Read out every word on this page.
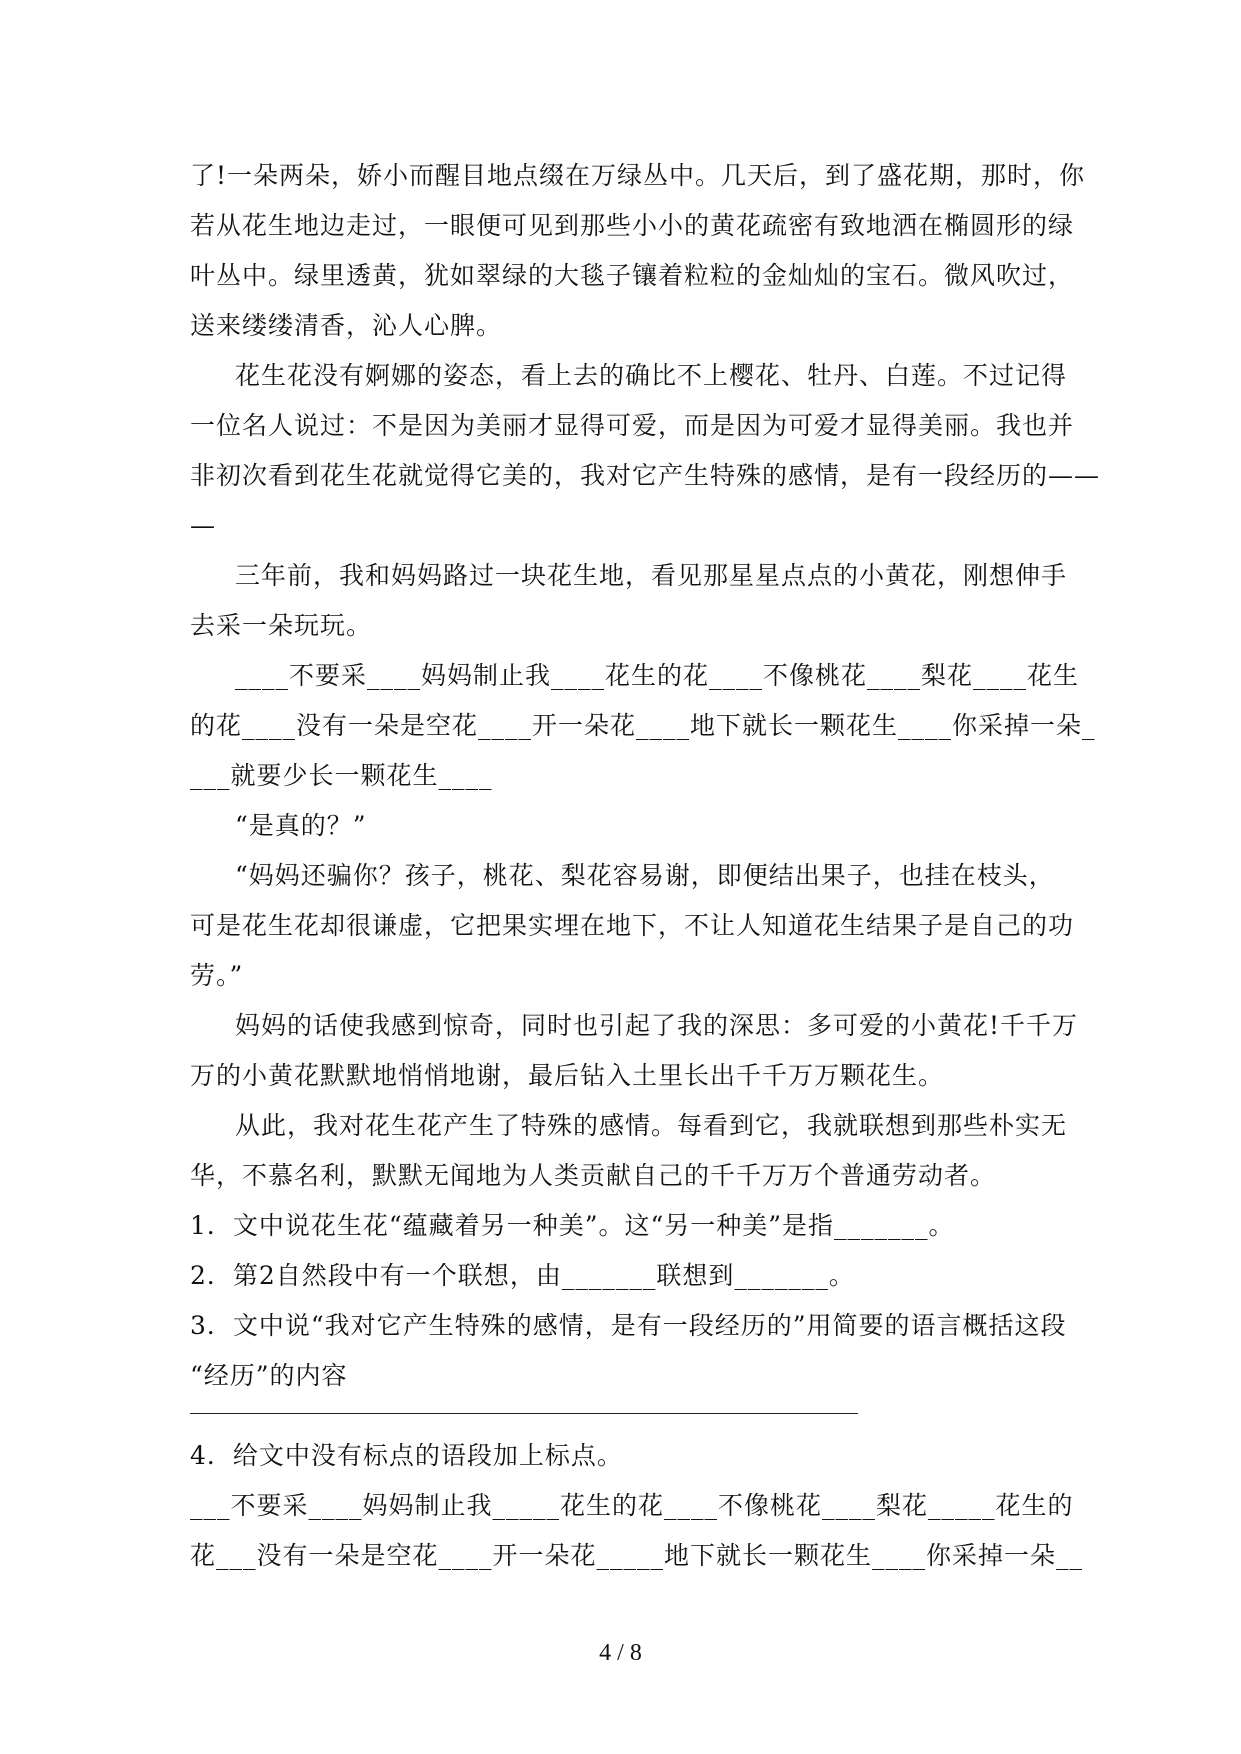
了!一朵两朵，娇小而醒目地点缀在万绿丛中。几天后，到了盛花期，那时，你
若从花生地边走过，一眼便可见到那些小小的黄花疏密有致地洒在椭圆形的绿
叶丛中。绿里透黄，犹如翠绿的大毯子镶着粒粒的金灿灿的宝石。微风吹过，
送来缕缕清香，沁人心脾。
花生花没有婀娜的姿态，看上去的确比不上樱花、牡丹、白莲。不过记得
一位名人说过：不是因为美丽才显得可爱，而是因为可爱才显得美丽。我也并
非初次看到花生花就觉得它美的，我对它产生特殊的感情，是有一段经历的——
—
三年前，我和妈妈路过一块花生地，看见那星星点点的小黄花，刚想伸手
去采一朵玩玩。
____不要采____妈妈制止我____花生的花____不像桃花____梨花____花生
的花____没有一朵是空花____开一朵花____地下就长一颗花生____你采掉一朵_
___就要少长一颗花生____
“是真的？”
“妈妈还骗你？孩子，桃花、梨花容易谢，即便结出果子，也挂在枝头，
可是花生花却很谦虚，它把果实埋在地下，不让人知道花生结果子是自己的功
劳。”
妈妈的话使我感到惊奇，同时也引起了我的深思：多可爱的小黄花!千千万
万的小黄花默默地悄悄地谢，最后钻入土里长出千千万万颗花生。
从此，我对花生花产生了特殊的感情。每看到它，我就联想到那些朴实无
华，不慕名利，默默无闻地为人类贡献自己的千千万万个普通劳动者。
1．文中说花生花“蕴藏着另一种美”。这“另一种美”是指_______。
2．第2自然段中有一个联想，由_______联想到_______。
3．文中说“我对它产生特殊的感情，是有一段经历的”用简要的语言概括这段
“经历”的内容
4．给文中没有标点的语段加上标点。
___不要采____妈妈制止我_____花生的花____不像桃花____梨花_____花生的
花___没有一朵是空花____开一朵花_____地下就长一颗花生____你采掉一朵__
4 / 8
